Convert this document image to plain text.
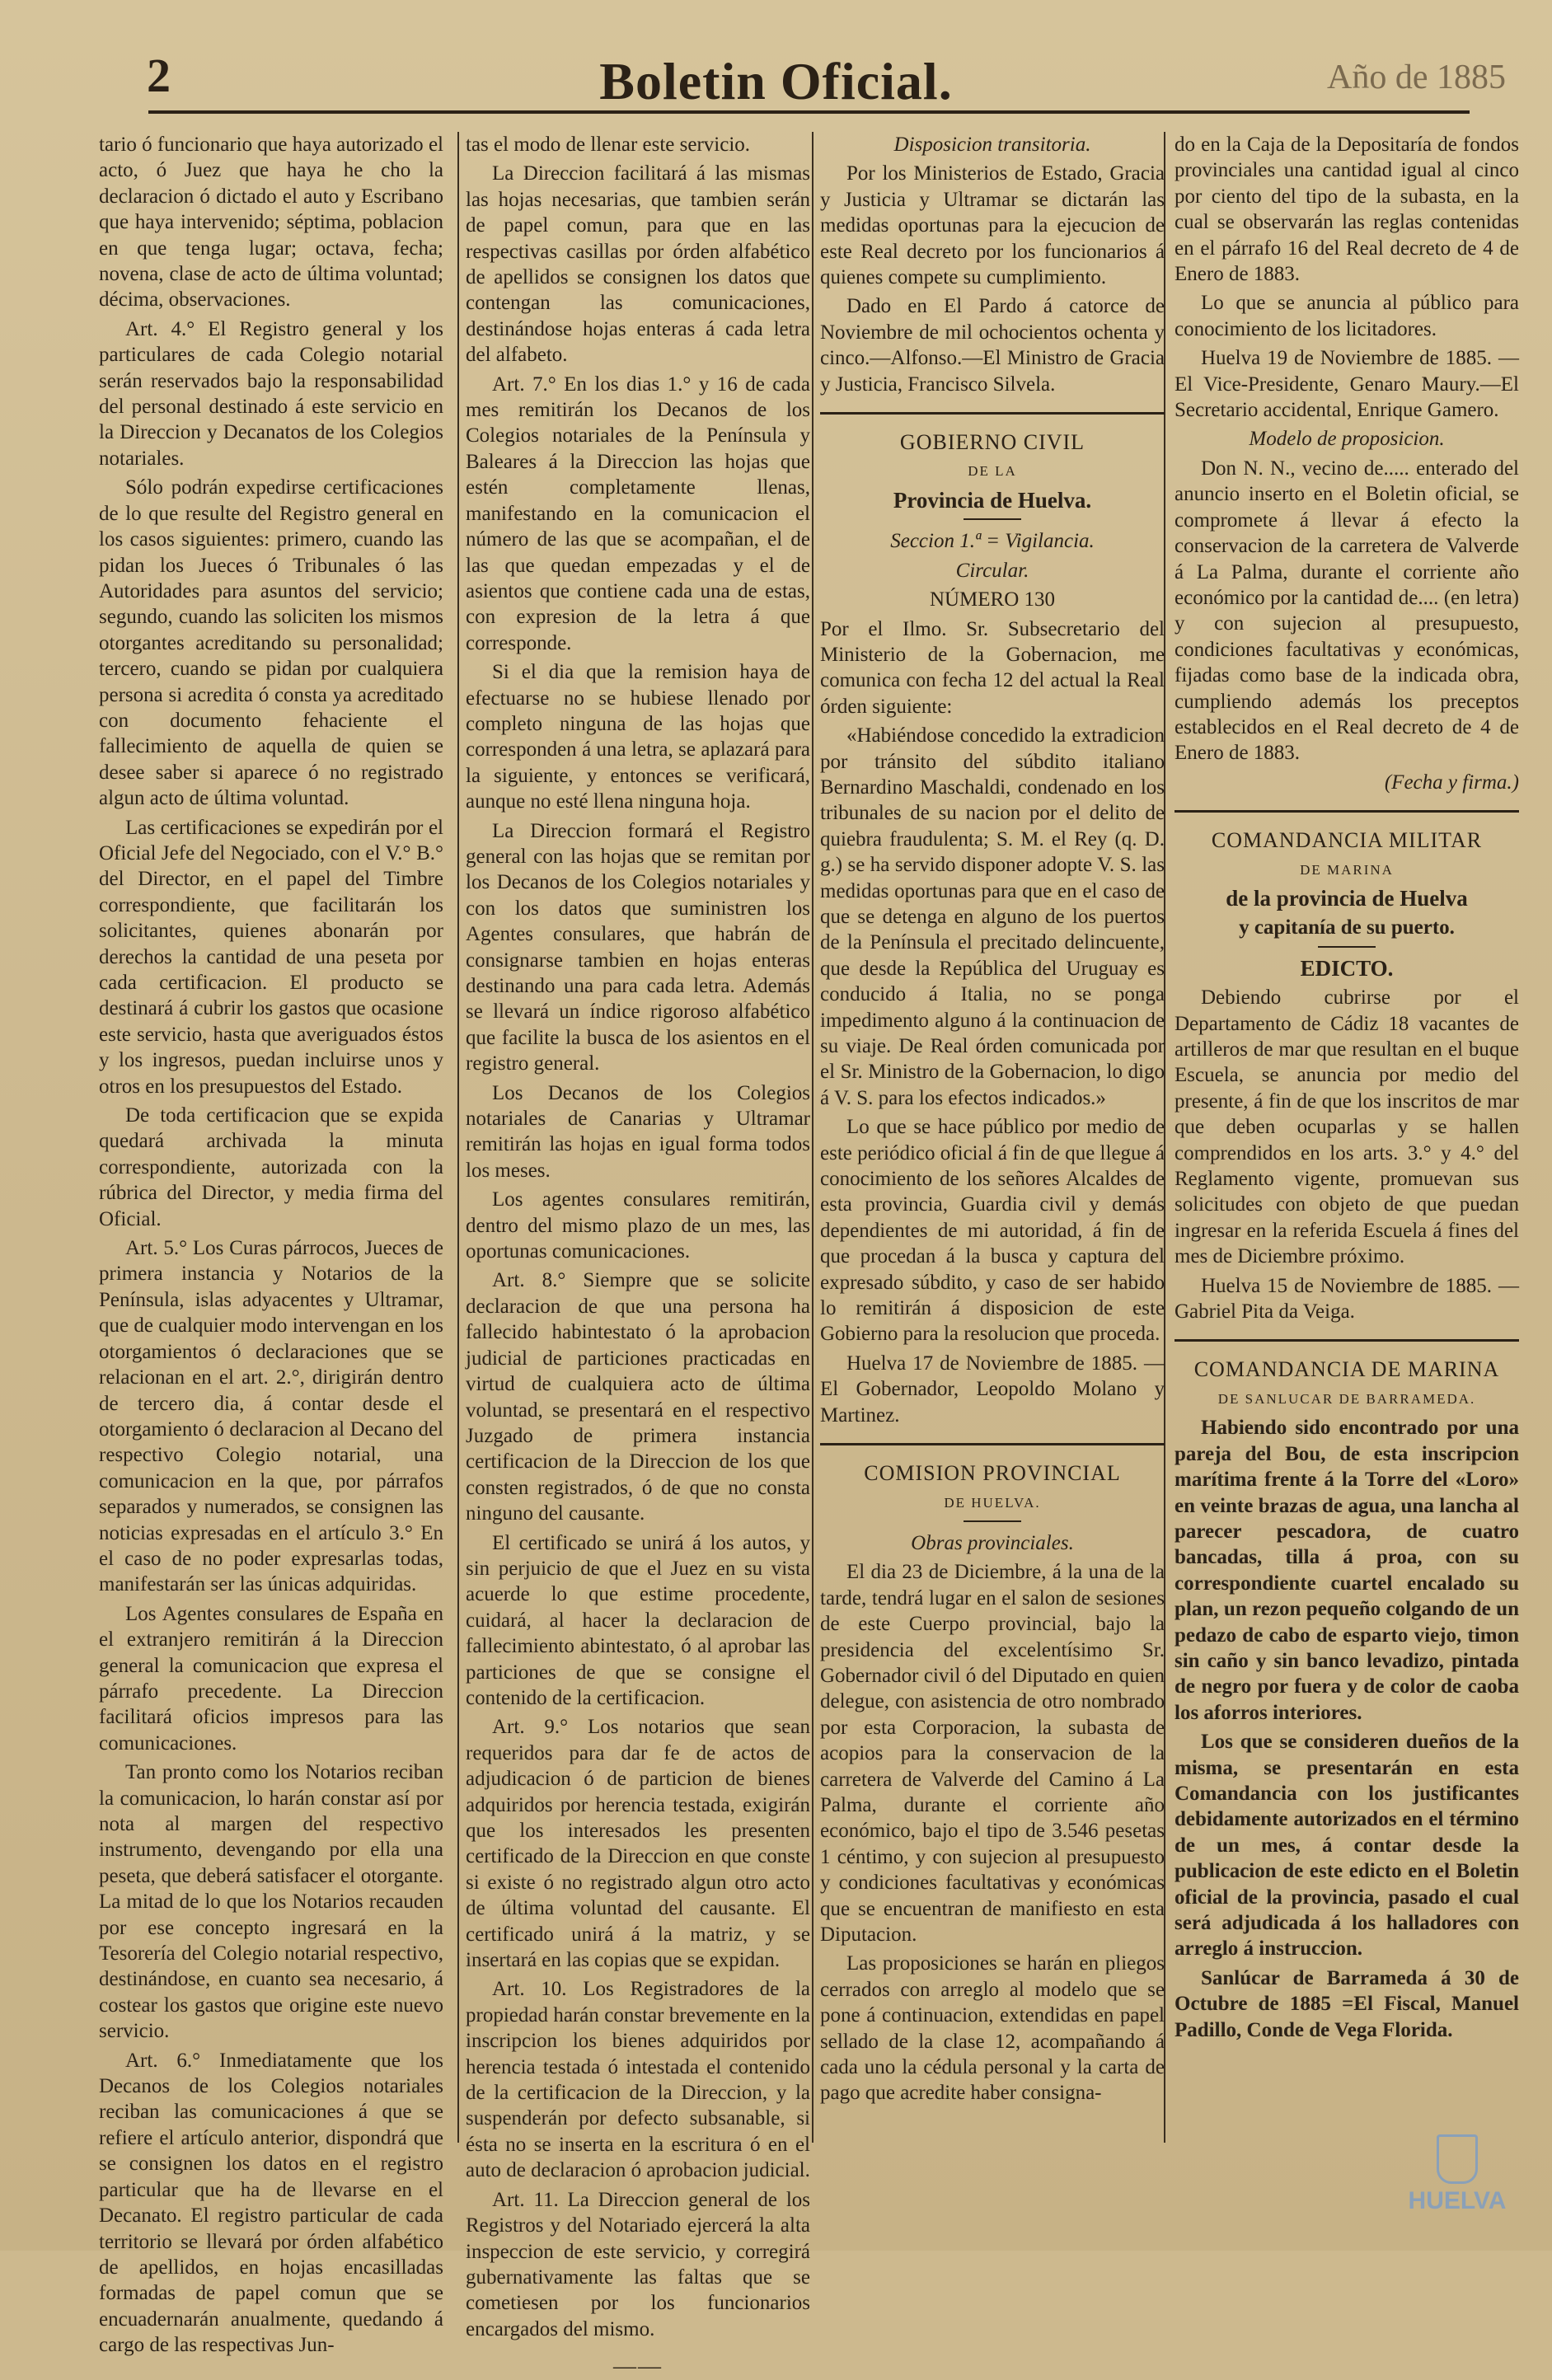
2	Boletin Oficial.	Año de 1885

tario ó funcionario que haya autorizado el acto, ó Juez que haya he cho la declaracion ó dictado el auto y Escribano que haya intervenido; séptima, poblacion en que tenga lugar; octava, fecha; novena, clase de acto de última voluntad; décima, observaciones.

Art. 4.° El Registro general y los particulares de cada Colegio notarial serán reservados bajo la responsabilidad del personal destinado á este servicio en la Direccion y Decanatos de los Colegios notariales.

Sólo podrán expedirse certificaciones de lo que resulte del Registro general en los casos siguientes: primero, cuando las pidan los Jueces ó Tribunales ó las Autoridades para asuntos del servicio; segundo, cuando las soliciten los mismos otorgantes acreditando su personalidad; tercero, cuando se pidan por cualquiera persona si acredita ó consta ya acreditado con documento fehaciente el fallecimiento de aquella de quien se desee saber si aparece ó no registrado algun acto de última voluntad.

Las certificaciones se expedirán por el Oficial Jefe del Negociado, con el V.° B.° del Director, en el papel del Timbre correspondiente, que facilitarán los solicitantes, quienes abonarán por derechos la cantidad de una peseta por cada certificacion. El producto se destinará á cubrir los gastos que ocasione este servicio, hasta que averiguados éstos y los ingresos, puedan incluirse unos y otros en los presupuestos del Estado.

De toda certificacion que se expida quedará archivada la minuta correspondiente, autorizada con la rúbrica del Director, y media firma del Oficial.

Art. 5.° Los Curas párrocos, Jueces de primera instancia y Notarios de la Península, islas adyacentes y Ultramar, que de cualquier modo intervengan en los otorgamientos ó declaraciones que se relacionan en el art. 2.°, dirigirán dentro de tercero dia, á contar desde el otorgamiento ó declaracion al Decano del respectivo Colegio notarial, una comunicacion en la que, por párrafos separados y numerados, se consignen las noticias expresadas en el artículo 3.° En el caso de no poder expresarlas todas, manifestarán ser las únicas adquiridas.

Los Agentes consulares de España en el extranjero remitirán á la Direccion general la comunicacion que expresa el párrafo precedente. La Direccion facilitará oficios impresos para las comunicaciones.

Tan pronto como los Notarios reciban la comunicacion, lo harán constar así por nota al margen del respectivo instrumento, devengando por ella una peseta, que deberá satisfacer el otorgante. La mitad de lo que los Notarios recauden por ese concepto ingresará en la Tesorería del Colegio notarial respectivo, destinándose, en cuanto sea necesario, á costear los gastos que origine este nuevo servicio.

Art. 6.° Inmediatamente que los Decanos de los Colegios notariales reciban las comunicaciones á que se refiere el artículo anterior, dispondrá que se consignen los datos en el registro particular que ha de llevarse en el Decanato. El registro particular de cada territorio se llevará por órden alfabético de apellidos, en hojas encasilladas formadas de papel comun que se encuadernarán anualmente, quedando á cargo de las respectivas Jun-

tas el modo de llenar este servicio.

La Direccion facilitará á las mismas las hojas necesarias, que tambien serán de papel comun, para que en las respectivas casillas por órden alfabético de apellidos se consignen los datos que contengan las comunicaciones, destinándose hojas enteras á cada letra del alfabeto.

Art. 7.° En los dias 1.° y 16 de cada mes remitirán los Decanos de los Colegios notariales de la Península y Baleares á la Direccion las hojas que estén completamente llenas, manifestando en la comunicacion el número de las que se acompañan, el de las que quedan empezadas y el de asientos que contiene cada una de estas, con expresion de la letra á que corresponde.

Si el dia que la remision haya de efectuarse no se hubiese llenado por completo ninguna de las hojas que corresponden á una letra, se aplazará para la siguiente, y entonces se verificará, aunque no esté llena ninguna hoja.

La Direccion formará el Registro general con las hojas que se remitan por los Decanos de los Colegios notariales y con los datos que suministren los Agentes consulares, que habrán de consignarse tambien en hojas enteras destinando una para cada letra. Además se llevará un índice rigoroso alfabético que facilite la busca de los asientos en el registro general.

Los Decanos de los Colegios notariales de Canarias y Ultramar remitirán las hojas en igual forma todos los meses.

Los agentes consulares remitirán, dentro del mismo plazo de un mes, las oportunas comunicaciones.

Art. 8.° Siempre que se solicite declaracion de que una persona ha fallecido habintestato ó la aprobacion judicial de particiones practicadas en virtud de cualquiera acto de última voluntad, se presentará en el respectivo Juzgado de primera instancia certificacion de la Direccion de los que consten registrados, ó de que no consta ninguno del causante.

El certificado se unirá á los autos, y sin perjuicio de que el Juez en su vista acuerde lo que estime procedente, cuidará, al hacer la declaracion de fallecimiento abintestato, ó al aprobar las particiones de que se consigne el contenido de la certificacion.

Art. 9.° Los notarios que sean requeridos para dar fe de actos de adjudicacion ó de particion de bienes adquiridos por herencia testada, exigirán que los interesados les presenten certificado de la Direccion en que conste si existe ó no registrado algun otro acto de última voluntad del causante. El certificado unirá á la matriz, y se insertará en las copias que se expidan.

Art. 10. Los Registradores de la propiedad harán constar brevemente en la inscripcion los bienes adquiridos por herencia testada ó intestada el contenido de la certificacion de la Direccion, y la suspenderán por defecto subsanable, si ésta no se inserta en la escritura ó en el auto de declaracion ó aprobacion judicial.

Art. 11. La Direccion general de los Registros y del Notariado ejercerá la alta inspeccion de este servicio, y corregirá gubernativamente las faltas que se cometiesen por los funcionarios encargados del mismo.

——

Disposicion transitoria.

Por los Ministerios de Estado, Gracia y Justicia y Ultramar se dictarán las medidas oportunas para la ejecucion de este Real decreto por los funcionarios á quienes compete su cumplimiento.

Dado en El Pardo á catorce de Noviembre de mil ochocientos ochenta y cinco.—Alfonso.—El Ministro de Gracia y Justicia, Francisco Silvela.

GOBIERNO CIVIL

DE LA

Provincia de Huelva.

Seccion 1.ª = Vigilancia.

Circular.

NÚMERO 130

Por el Ilmo. Sr. Subsecretario del Ministerio de la Gobernacion, me comunica con fecha 12 del actual la Real órden siguiente:

«Habiéndose concedido la extradicion por tránsito del súbdito italiano Bernardino Maschaldi, condenado en los tribunales de su nacion por el delito de quiebra fraudulenta; S. M. el Rey (q. D. g.) se ha servido disponer adopte V. S. las medidas oportunas para que en el caso de que se detenga en alguno de los puertos de la Península el precitado delincuente, que desde la República del Uruguay es conducido á Italia, no se ponga impedimento alguno á la continuacion de su viaje. De Real órden comunicada por el Sr. Ministro de la Gobernacion, lo digo á V. S. para los efectos indicados.»

Lo que se hace público por medio de este periódico oficial á fin de que llegue á conocimiento de los señores Alcaldes de esta provincia, Guardia civil y demás dependientes de mi autoridad, á fin de que procedan á la busca y captura del expresado súbdito, y caso de ser habido lo remitirán á disposicion de este Gobierno para la resolucion que proceda.

Huelva 17 de Noviembre de 1885. —El Gobernador, Leopoldo Molano y Martinez.

COMISION PROVINCIAL

DE HUELVA.

Obras provinciales.

El dia 23 de Diciembre, á la una de la tarde, tendrá lugar en el salon de sesiones de este Cuerpo provincial, bajo la presidencia del excelentísimo Sr. Gobernador civil ó del Diputado en quien delegue, con asistencia de otro nombrado por esta Corporacion, la subasta de acopios para la conservacion de la carretera de Valverde del Camino á La Palma, durante el corriente año económico, bajo el tipo de 3.546 pesetas 1 céntimo, y con sujecion al presupuesto y condiciones facultativas y económicas que se encuentran de manifiesto en esta Diputacion.

Las proposiciones se harán en pliegos cerrados con arreglo al modelo que se pone á continuacion, extendidas en papel sellado de la clase 12, acompañando á cada uno la cédula personal y la carta de pago que acredite haber consigna-

do en la Caja de la Depositaría de fondos provinciales una cantidad igual al cinco por ciento del tipo de la subasta, en la cual se observarán las reglas contenidas en el párrafo 16 del Real decreto de 4 de Enero de 1883.

Lo que se anuncia al público para conocimiento de los licitadores.

Huelva 19 de Noviembre de 1885. —El Vice-Presidente, Genaro Maury.—El Secretario accidental, Enrique Gamero.

Modelo de proposicion.

Don N. N., vecino de..... enterado del anuncio inserto en el Boletin oficial, se compromete á llevar á efecto la conservacion de la carretera de Valverde á La Palma, durante el corriente año económico por la cantidad de.... (en letra) y con sujecion al presupuesto, condiciones facultativas y económicas, fijadas como base de la indicada obra, cumpliendo además los preceptos establecidos en el Real decreto de 4 de Enero de 1883.

(Fecha y firma.)

COMANDANCIA MILITAR

DE MARINA

de la provincia de Huelva

y capitanía de su puerto.

EDICTO.

Debiendo cubrirse por el Departamento de Cádiz 18 vacantes de artilleros de mar que resultan en el buque Escuela, se anuncia por medio del presente, á fin de que los inscritos de mar que deben ocuparlas y se hallen comprendidos en los arts. 3.° y 4.° del Reglamento vigente, promuevan sus solicitudes con objeto de que puedan ingresar en la referida Escuela á fines del mes de Diciembre próximo.

Huelva 15 de Noviembre de 1885. —Gabriel Pita da Veiga.

COMANDANCIA DE MARINA

DE SANLUCAR DE BARRAMEDA.

Habiendo sido encontrado por una pareja del Bou, de esta inscripcion marítima frente á la Torre del «Loro» en veinte brazas de agua, una lancha al parecer pescadora, de cuatro bancadas, tilla á proa, con su correspondiente cuartel encalado su plan, un rezon pequeño colgando de un pedazo de cabo de esparto viejo, timon sin caño y sin banco levadizo, pintada de negro por fuera y de color de caoba los aforros interiores.

Los que se consideren dueños de la misma, se presentarán en esta Comandancia con los justificantes debidamente autorizados en el término de un mes, á contar desde la publicacion de este edicto en el Boletin oficial de la provincia, pasado el cual será adjudicada á los halladores con arreglo á instruccion.

Sanlúcar de Barrameda á 30 de Octubre de 1885 =El Fiscal, Manuel Padillo, Conde de Vega Florida.

HUELVA
